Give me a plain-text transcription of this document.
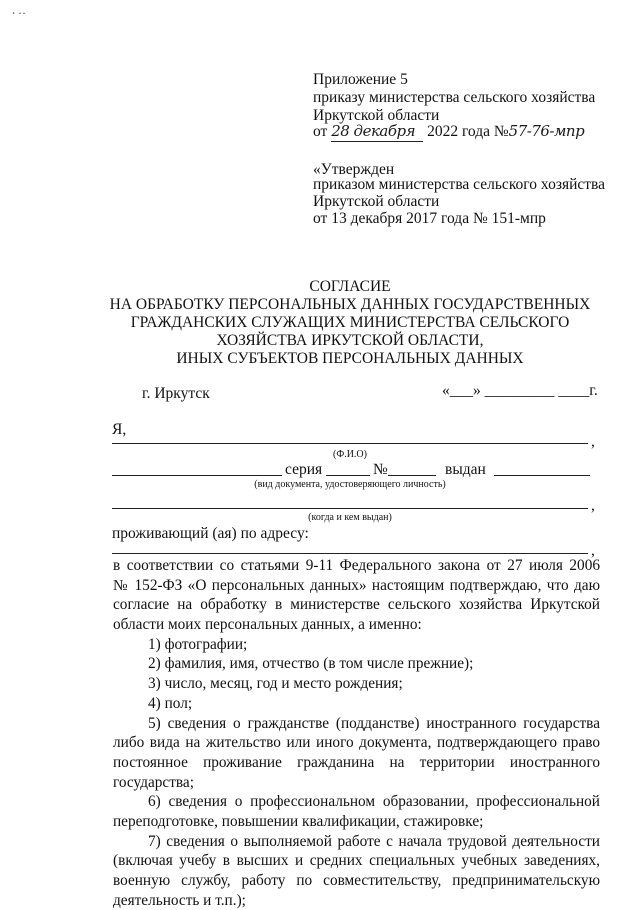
∙ ··
Приложение 5
приказу министерства сельского хозяйства
Иркутской области
от 28 декабря 2022 года №57-76-мпр
«Утвержден
приказом министерства сельского хозяйства
Иркутской области
от 13 декабря 2017 года № 151-мпр
СОГЛАСИЕ
НА ОБРАБОТКУ ПЕРСОНАЛЬНЫХ ДАННЫХ ГОСУДАРСТВЕННЫХ
ГРАЖДАНСКИХ СЛУЖАЩИХ МИНИСТЕРСТВА СЕЛЬСКОГО
ХОЗЯЙСТВА ИРКУТСКОЙ ОБЛАСТИ,
ИНЫХ СУБЪЕКТОВ ПЕРСОНАЛЬНЫХ ДАННЫХ
г. Иркутск	«___» _________ ____г.
Я,
,
(Ф.И.О)
серия	№	выдан
(вид документа, удостоверяющего личность)
,
(когда и кем выдан)
проживающий (ая) по адресу:
,
в соответствии со статьями 9-11 Федерального закона от 27 июля 2006
№ 152-ФЗ «О персональных данных» настоящим подтверждаю, что даю
согласие на обработку в министерстве сельского хозяйства Иркутской
области моих персональных данных, а именно:
1) фотографии;
2) фамилия, имя, отчество (в том числе прежние);
3) число, месяц, год и место рождения;
4) пол;
5) сведения о гражданстве (подданстве) иностранного государства
либо вида на жительство или иного документа, подтверждающего право
постоянное проживание гражданина на территории иностранного
государства;
6) сведения о профессиональном образовании, профессиональной
переподготовке, повышении квалификации, стажировке;
7) сведения о выполняемой работе с начала трудовой деятельности
(включая учебу в высших и средних специальных учебных заведениях,
военную службу, работу по совместительству, предпринимательскую
деятельность и т.п.);
